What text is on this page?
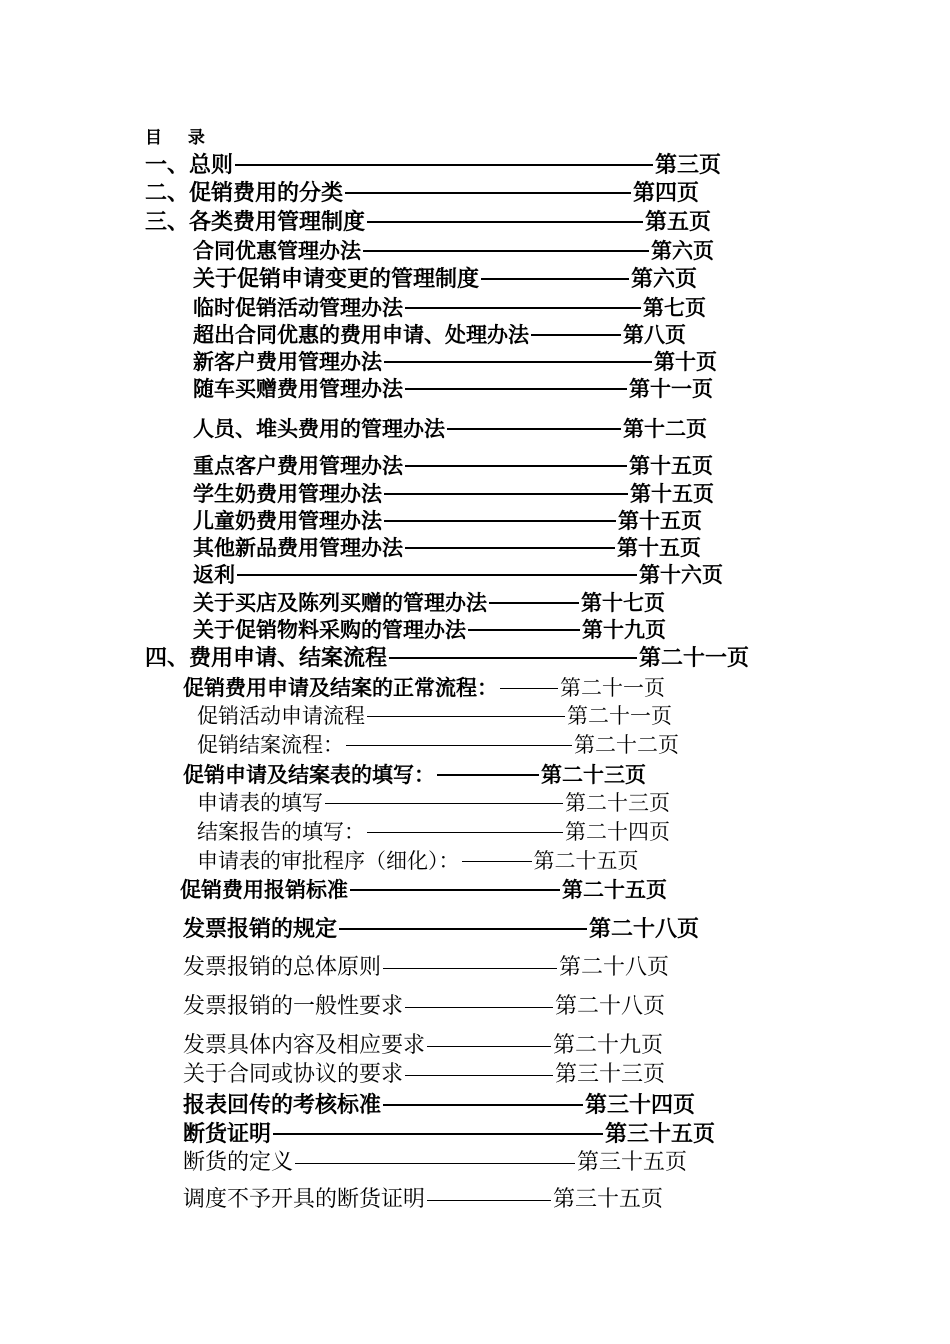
目 录
一、总则	第三页
二、促销费用的分类	第四页
三、各类费用管理制度	第五页
合同优惠管理办法	第六页
关于促销申请变更的管理制度	第六页
临时促销活动管理办法	第七页
超出合同优惠的费用申请、处理办法	第八页
新客户费用管理办法	第十页
随车买赠费用管理办法	第十一页
人员、堆头费用的管理办法	第十二页
重点客户费用管理办法	第十五页
学生奶费用管理办法	第十五页
儿童奶费用管理办法	第十五页
其他新品费用管理办法	第十五页
返利	第十六页
关于买店及陈列买赠的管理办法	第十七页
关于促销物料采购的管理办法	第十九页
四、费用申请、结案流程	第二十一页
促销费用申请及结案的正常流程：	第二十一页
促销活动申请流程	第二十一页
促销结案流程：	第二十二页
促销申请及结案表的填写：	第二十三页
申请表的填写	第二十三页
结案报告的填写：	第二十四页
申请表的审批程序（细化）：	第二十五页
促销费用报销标准	第二十五页
发票报销的规定	第二十八页
发票报销的总体原则	第二十八页
发票报销的一般性要求	第二十八页
发票具体内容及相应要求	第二十九页
关于合同或协议的要求	第三十三页
报表回传的考核标准	第三十四页
断货证明	第三十五页
断货的定义	第三十五页
调度不予开具的断货证明	第三十五页
